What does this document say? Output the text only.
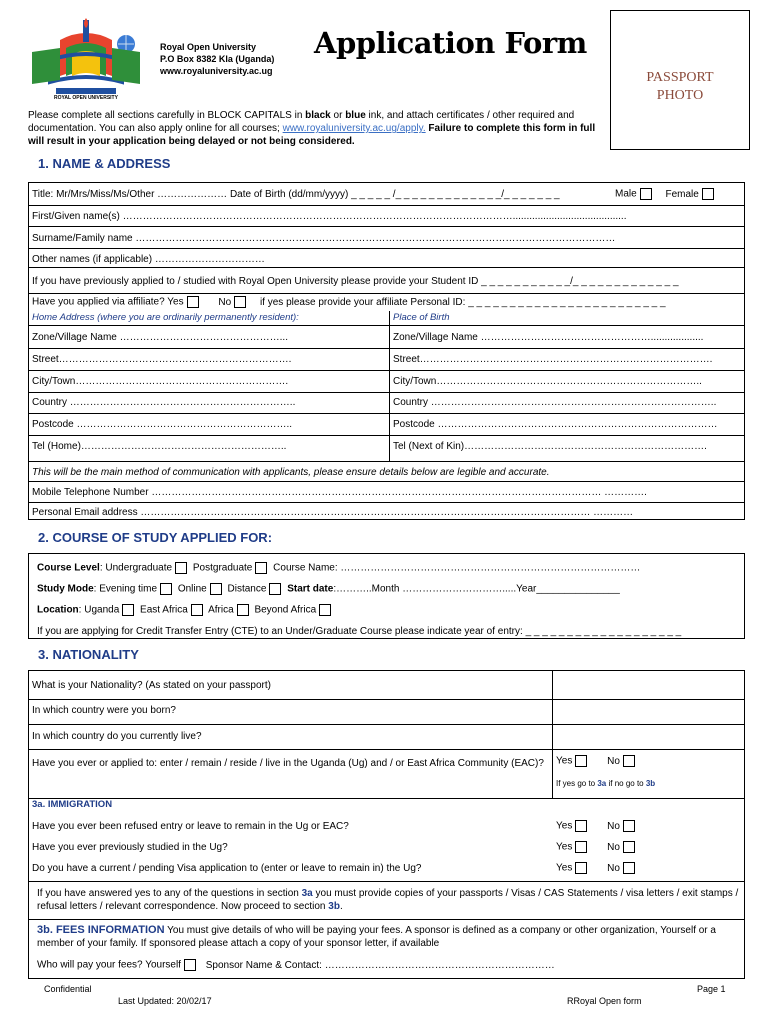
ROYAL OPEN UNIVERSITY
Royal Open University
P.O Box 8382 Kla (Uganda)
www.royaluniversity.ac.ug
Application Form
PASSPORT
PHOTO
Please complete all sections carefully in BLOCK CAPITALS in black or blue ink, and attach certificates / other required and documentation. You can also apply online for all courses; www.royaluniversity.ac.ug/apply. Failure to complete this form in full will result in your application being delayed or not being considered.
1. NAME & ADDRESS
Title: Mr/Mrs/Miss/Ms/Other ………………… Date of Birth (dd/mm/yyyy) _ _ _ _ _ /_ _ _ _ _ _ _ _ _ _ _ _ _/_ _ _ _ _ _ _	Male	Female
First/Given name(s) ……………………………………………………………………………………………………….........................................
Surname/Family name ………………………………………………………………………………………………………………………………
Other names (if applicable) ……………………………
If you have previously applied to / studied with Royal Open University please provide your Student ID _ _ _ _ _ _ _ _ _ _ _/_ _ _ _ _ _ _ _ _ _ _ _ _
Have you applied via affiliate? Yes	No	if yes please provide your affiliate Personal ID: _ _ _ _ _ _ _ _ _ _ _ _ _ _ _ _ _ _ _ _ _ _ _ _
Home Address (where you are ordinarily permanently resident):	Place of Birth
Zone/Village Name …………………………………………...	Zone/Village Name ……………………………………………...................
Street…………………………………………………………….	Street…………………………………………………………………………….
City/Town……………………………………………………….	City/Town……………………………………………………………………..
Country …………………………………………………………..	Country …………………………………………………………………………..
Postcode ………………………………………………………..	Postcode …………………………………………………………………………
Tel (Home)……………………………………………………..	Tel (Next of Kin)……………………………………………………………….
This will be the main method of communication with applicants, please ensure details below are legible and accurate.
Mobile Telephone Number ……………………………………………………………………………………………………………………… ………….
Personal Email address ……………………………………………………………………………………………………………………… …………
2. COURSE OF STUDY APPLIED FOR:
Course Level: Undergraduate Postgraduate Course Name: ………………………………………………………………………………
Study Mode: Evening time Online Distance Start date:………..Month ………………………….....Year_______________
Location: Uganda East Africa Africa Beyond Africa
If you are applying for Credit Transfer Entry (CTE) to an Under/Graduate Course please indicate year of entry: _ _ _ _ _ _ _ _ _ _ _ _ _ _ _ _ _ _ _
3. NATIONALITY
What is your Nationality? (As stated on your passport)
In which country were you born?
In which country do you currently live?
Have you ever or applied to: enter / remain / reside / live in the Uganda (Ug) and / or East Africa Community (EAC)?	Yes	No
If yes go to 3a if no go to 3b
3a. IMMIGRATION
Have you ever been refused entry or leave to remain in the Ug or EAC?	Yes	No
Have you ever previously studied in the Ug?	Yes	No
Do you have a current / pending Visa application to (enter or leave to remain in) the Ug?	Yes	No
If you have answered yes to any of the questions in section 3a you must provide copies of your passports / Visas / CAS Statements / visa letters / exit stamps / refusal letters / relevant correspondence. Now proceed to section 3b.
3b. FEES INFORMATION You must give details of who will be paying your fees. A sponsor is defined as a company or other organization, Yourself or a member of your family. If sponsored please attach a copy of your sponsor letter, if available
Who will pay your fees? Yourself Sponsor Name & Contact: ……………………………………………………………
Confidential
Last Updated: 20/02/17
Page 1
RRoyal Open form
